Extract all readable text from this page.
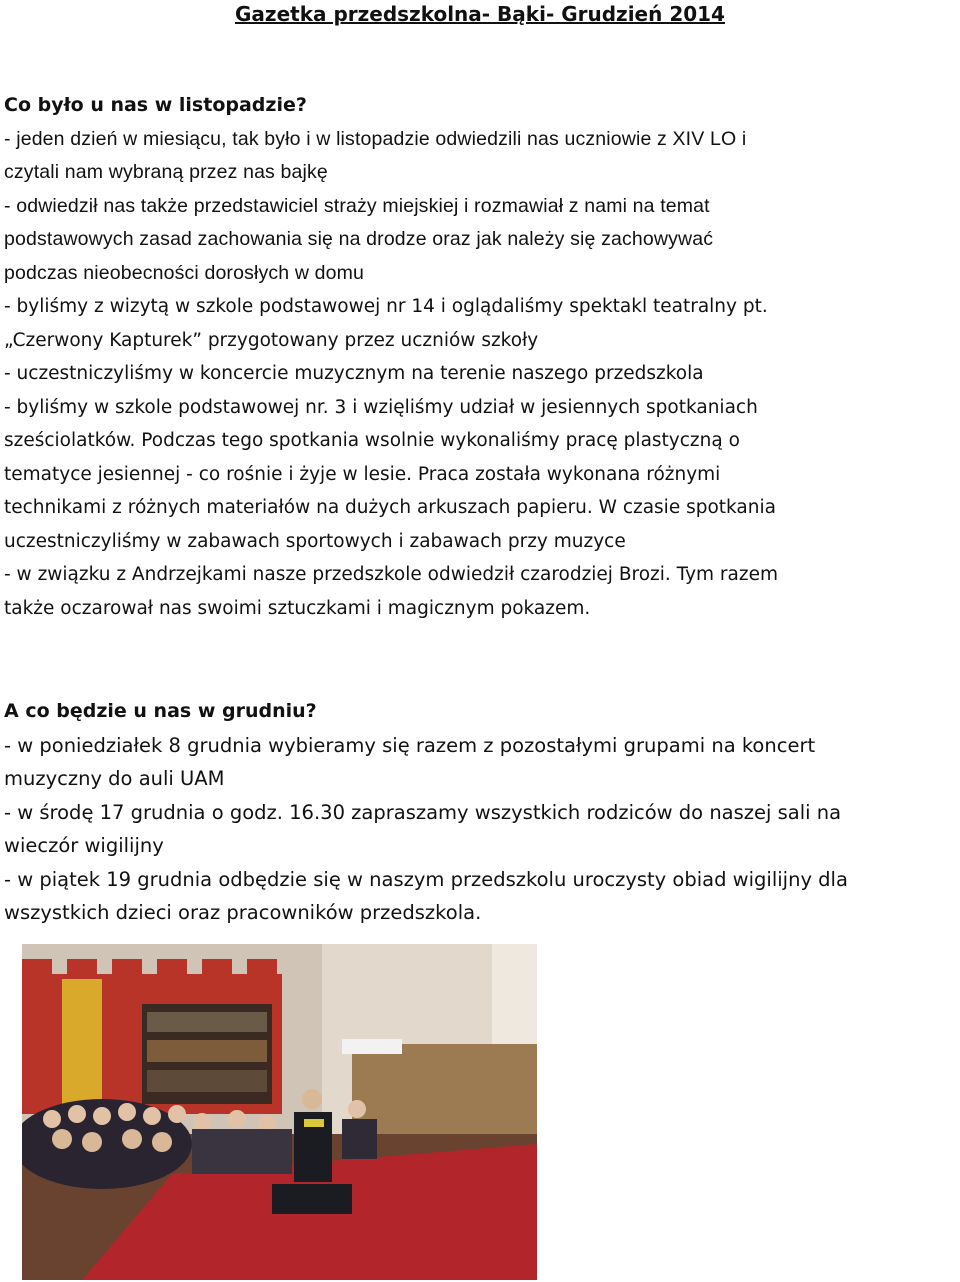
Gazetka przedszkolna- Bąki- Grudzień 2014
Co było u nas w listopadzie?

- jeden dzień w miesiącu, tak było i w listopadzie odwiedzili nas uczniowie z XIV LO i

czytali nam wybraną przez nas bajkę

- odwiedził nas także przedstawiciel straży miejskiej i rozmawiał z nami na temat

podstawowych zasad zachowania się na drodze oraz jak należy się zachowywać

podczas nieobecności dorosłych w domu

- byliśmy z wizytą w szkole podstawowej nr 14 i oglądaliśmy spektakl teatralny pt.

„Czerwony Kapturek” przygotowany przez uczniów szkoły

- uczestniczyliśmy w koncercie muzycznym na terenie naszego przedszkola

- byliśmy w szkole podstawowej nr. 3 i wzięliśmy udział w jesiennych spotkaniach

sześciolatków. Podczas tego spotkania wsolnie wykonaliśmy pracę plastyczną o

tematyce jesiennej - co rośnie i żyje w lesie. Praca została wykonana różnymi

technikami z różnych materiałów na dużych arkuszach papieru. W czasie spotkania

uczestniczyliśmy w zabawach sportowych i zabawach przy muzyce

- w związku z Andrzejkami nasze przedszkole odwiedził czarodziej Brozi. Tym razem

także oczarował nas swoimi sztuczkami i magicznym pokazem.

A co będzie u nas w grudniu?

- w poniedziałek 8 grudnia wybieramy się razem z pozostałymi grupami na koncert

muzyczny do auli UAM

- w środę 17 grudnia o godz. 16.30 zapraszamy wszystkich rodziców do naszej sali na

wieczór wigilijny

- w piątek 19 grudnia odbędzie się w naszym przedszkolu uroczysty obiad wigilijny dla

wszystkich dzieci oraz pracowników przedszkola.
